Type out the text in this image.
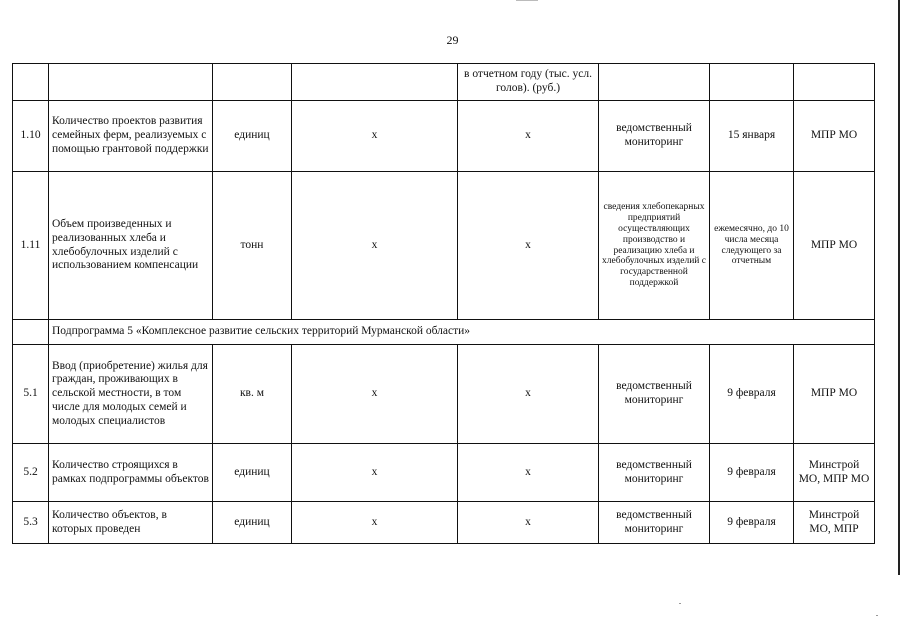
29
				в отчетном году (тыс. усл. голов). (руб.)			
1.10	Количество проектов развития семейных ферм, реализуемых с помощью грантовой поддержки	единиц	х	х	ведомственный мониторинг	15 января	МПР МО
1.11	Объем произведенных и реализованных хлеба и хлебобулочных изделий с использованием компенсации	тонн	х	х	сведения хлебопекарных предприятий осуществляющих производство и реализацию хлеба и хлебобулочных изделий с государственной поддержкой	ежемесячно, до 10 числа месяца следующего за отчетным	МПР МО
	Подпрограмма 5 «Комплексное развитие сельских территорий Мурманской области»						
5.1	Ввод (приобретение) жилья для граждан, проживающих в сельской местности, в том числе для молодых семей и молодых специалистов	кв. м	х	х	ведомственный мониторинг	9 февраля	МПР МО
5.2	Количество строящихся в рамках подпрограммы объектов	единиц	х	х	ведомственный мониторинг	9 февраля	Минстрой МО, МПР МО
5.3	Количество объектов, в которых проведен	единиц	х	х	ведомственный мониторинг	9 февраля	Минстрой МО, МПР
